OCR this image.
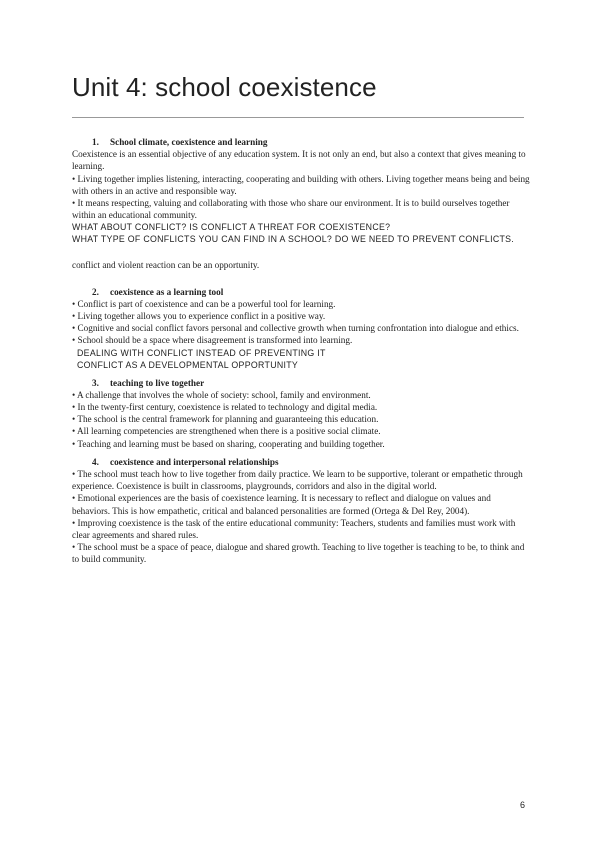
Unit 4: school coexistence

1. School climate, coexistence and learning

Coexistence is an essential objective of any education system. It is not only an end, but also a context that gives meaning to learning.

• Living together implies listening, interacting, cooperating and building with others. Living together means being and being with others in an active and responsible way.

• It means respecting, valuing and collaborating with those who share our environment. It is to build ourselves together within an educational community.

WHAT ABOUT CONFLICT? IS CONFLICT A THREAT FOR COEXISTENCE?

WHAT TYPE OF CONFLICTS YOU CAN FIND IN A SCHOOL? DO WE NEED TO PREVENT CONFLICTS.

conflict and violent reaction can be an opportunity.

2. coexistence as a learning tool

• Conflict is part of coexistence and can be a powerful tool for learning.

• Living together allows you to experience conflict in a positive way.

• Cognitive and social conflict favors personal and collective growth when turning confrontation into dialogue and ethics.

• School should be a space where disagreement is transformed into learning.

DEALING WITH CONFLICT INSTEAD OF PREVENTING IT

CONFLICT AS A DEVELOPMENTAL OPPORTUNITY

3. teaching to live together

• A challenge that involves the whole of society: school, family and environment.

• In the twenty-first century, coexistence is related to technology and digital media.

• The school is the central framework for planning and guaranteeing this education.

• All learning competencies are strengthened when there is a positive social climate.

• Teaching and learning must be based on sharing, cooperating and building together.

4. coexistence and interpersonal relationships

• The school must teach how to live together from daily practice. We learn to be supportive, tolerant or empathetic through experience. Coexistence is built in classrooms, playgrounds, corridors and also in the digital world.

• Emotional experiences are the basis of coexistence learning. It is necessary to reflect and dialogue on values and behaviors. This is how empathetic, critical and balanced personalities are formed (Ortega & Del Rey, 2004).

• Improving coexistence is the task of the entire educational community: Teachers, students and families must work with clear agreements and shared rules.

• The school must be a space of peace, dialogue and shared growth. Teaching to live together is teaching to be, to think and to build community.

6
